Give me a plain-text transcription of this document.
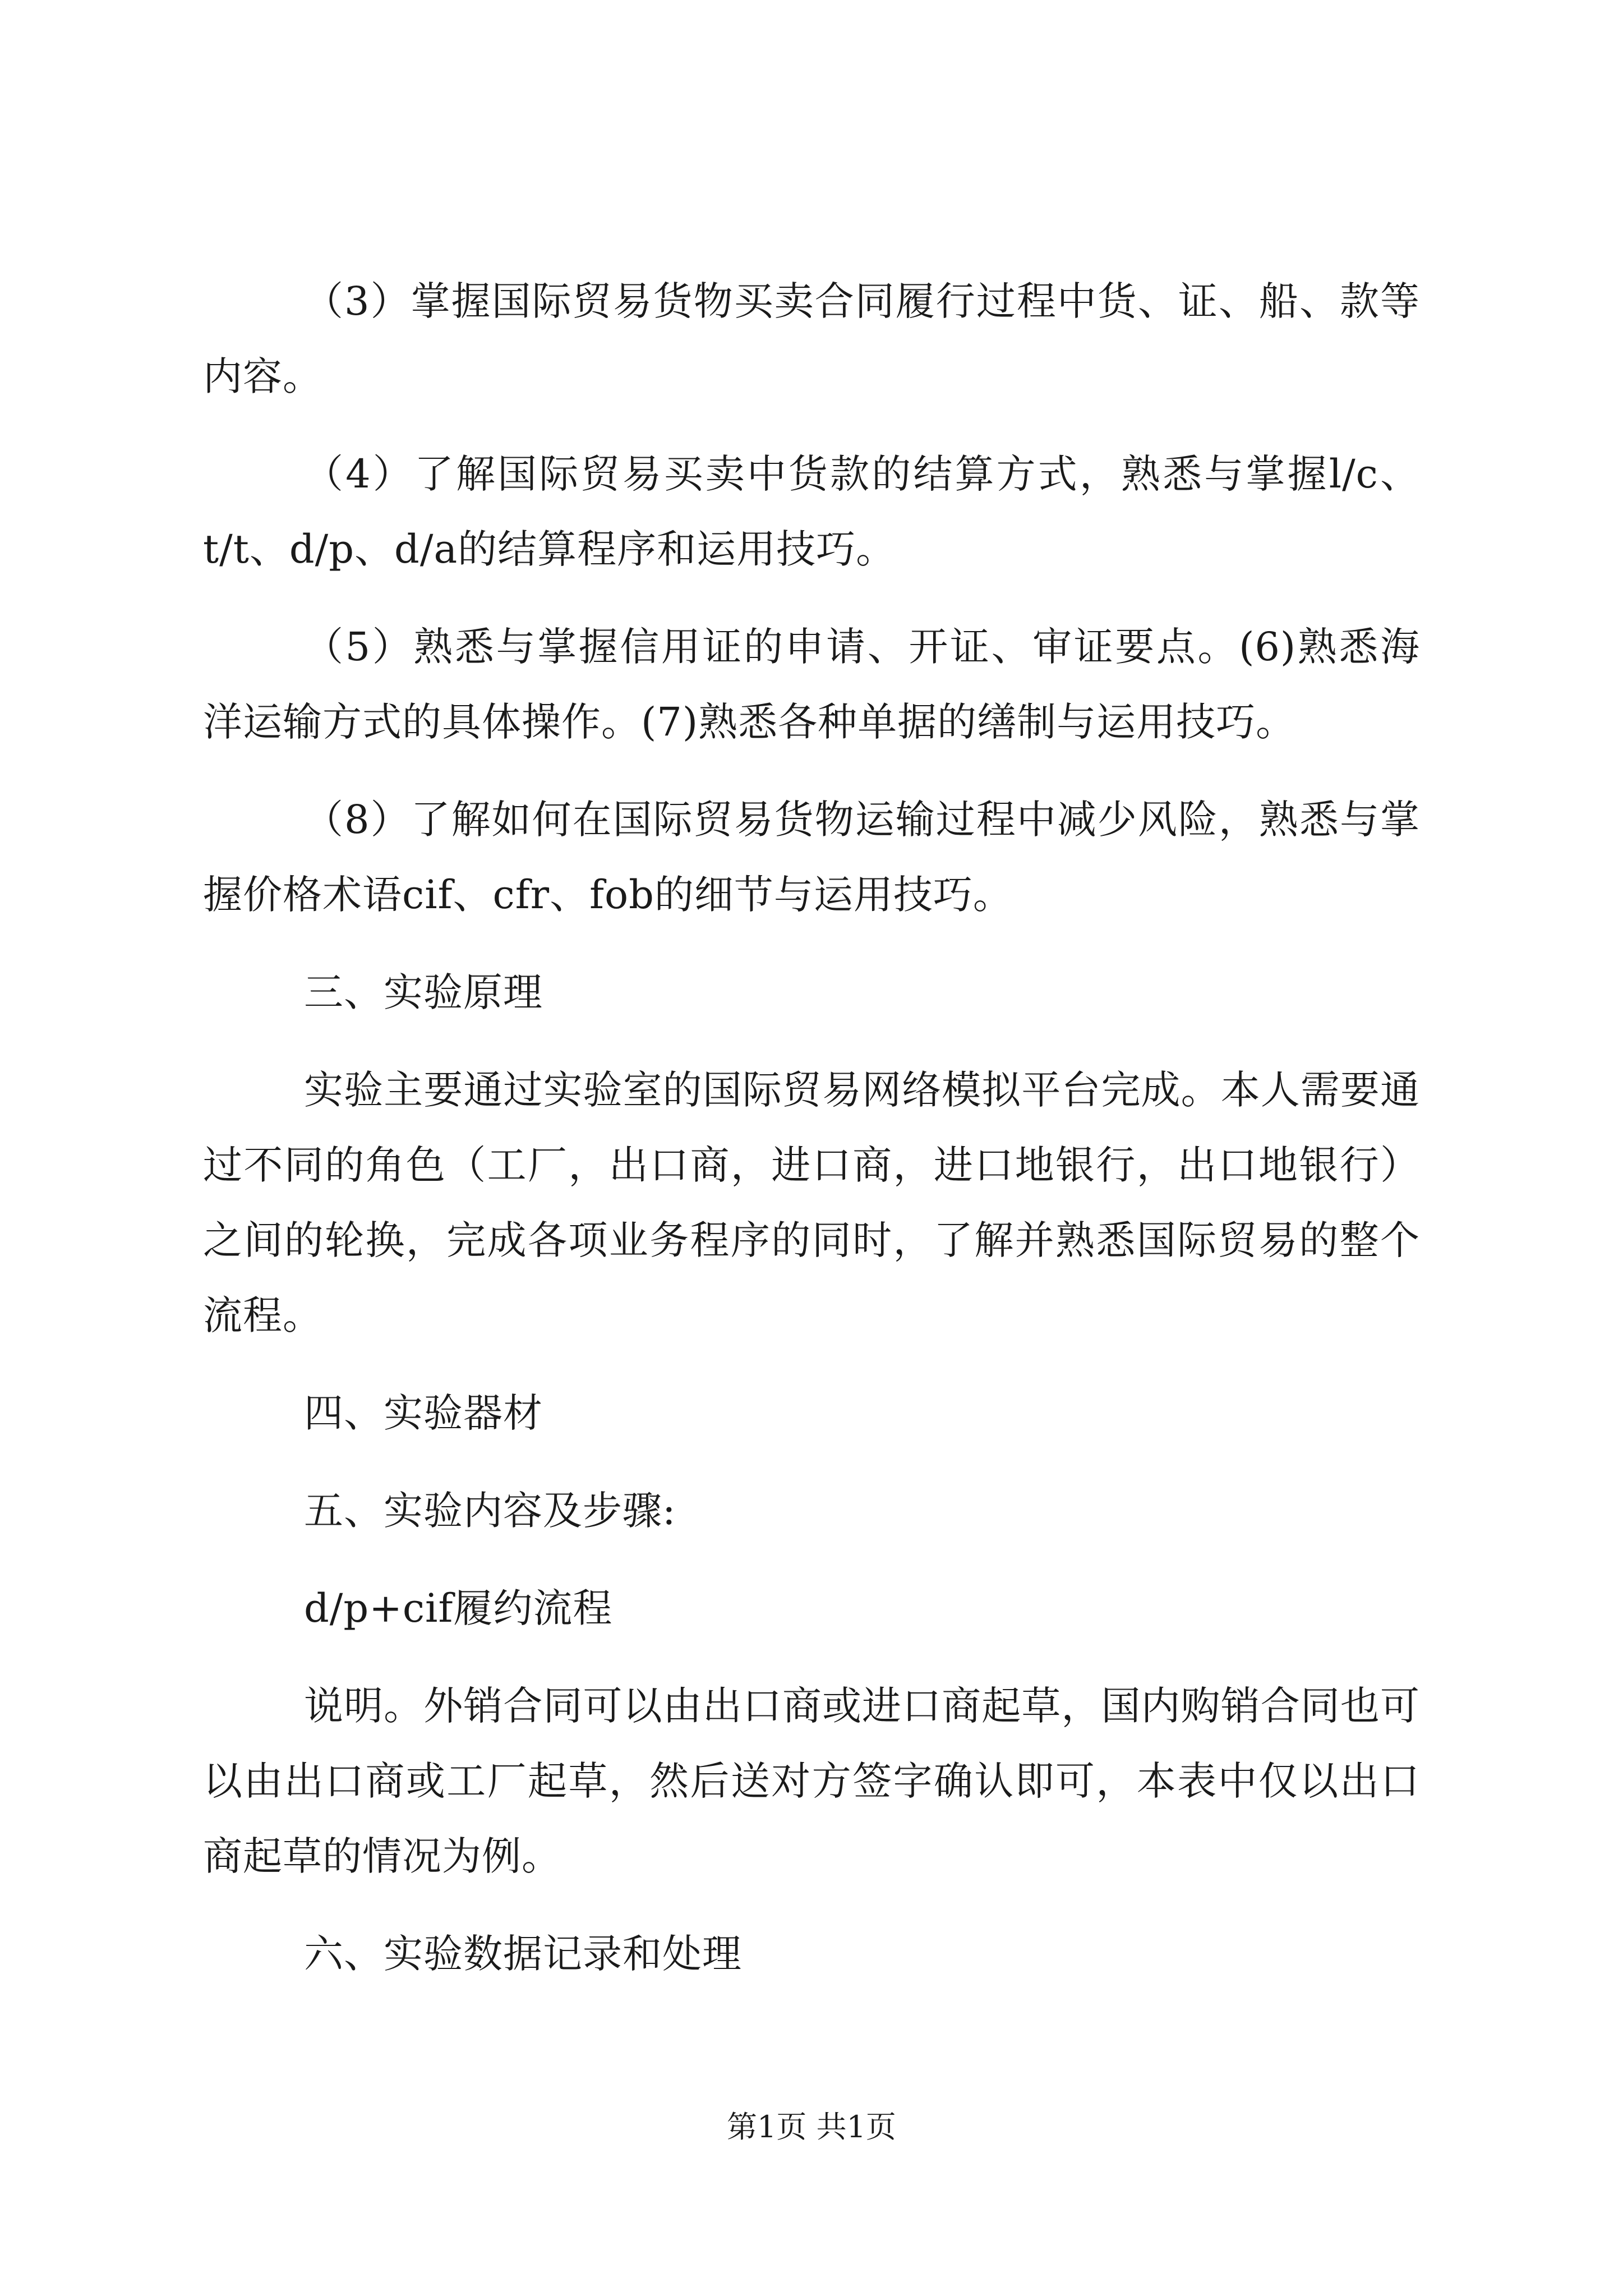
（3）掌握国际贸易货物买卖合同履行过程中货、证、船、款等内容。

（4）了解国际贸易买卖中货款的结算方式，熟悉与掌握l/c、t/t、d/p、d/a的结算程序和运用技巧。

（5）熟悉与掌握信用证的申请、开证、审证要点。(6)熟悉海洋运输方式的具体操作。(7)熟悉各种单据的缮制与运用技巧。

（8）了解如何在国际贸易货物运输过程中减少风险，熟悉与掌握价格术语cif、cfr、fob的细节与运用技巧。

三、实验原理

实验主要通过实验室的国际贸易网络模拟平台完成。本人需要通过不同的角色（工厂，出口商，进口商，进口地银行，出口地银行）之间的轮换，完成各项业务程序的同时，了解并熟悉国际贸易的整个流程。

四、实验器材

五、实验内容及步骤:

d/p+cif履约流程

说明。外销合同可以由出口商或进口商起草，国内购销合同也可以由出口商或工厂起草，然后送对方签字确认即可，本表中仅以出口商起草的情况为例。

六、实验数据记录和处理

第1页 共1页
